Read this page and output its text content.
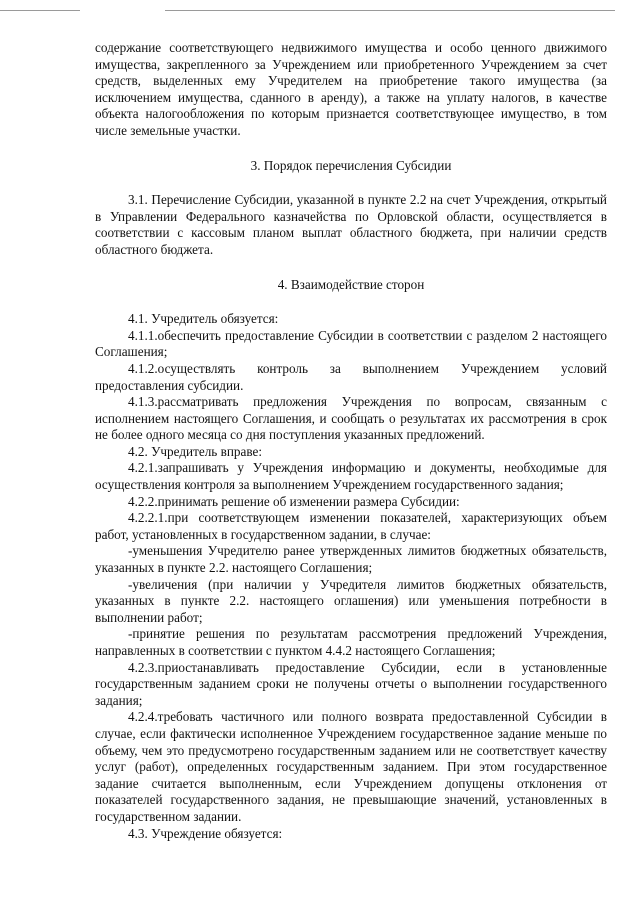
содержание соответствующего недвижимого имущества и особо ценного движимого имущества, закрепленного за Учреждением или приобретенного Учреждением за счет средств, выделенных ему Учредителем на приобретение такого имущества (за исключением имущества, сданного в аренду), а также на уплату налогов, в качестве объекта налогообложения по которым признается соответствующее имущество, в том числе земельные участки.

3. Порядок перечисления Субсидии

3.1. Перечисление Субсидии, указанной в пункте 2.2 на счет Учреждения, открытый в Управлении Федерального казначейства по Орловской области, осуществляется в соответствии с кассовым планом выплат областного бюджета, при наличии средств областного бюджета.

4. Взаимодействие сторон

4.1. Учредитель обязуется:

4.1.1.обеспечить предоставление Субсидии в соответствии с разделом 2 настоящего Соглашения;

4.1.2.осуществлять контроль за выполнением Учреждением условий предоставления субсидии.

4.1.3.рассматривать предложения Учреждения по вопросам, связанным с исполнением настоящего Соглашения, и сообщать о результатах их рассмотрения в срок не более одного месяца со дня поступления указанных предложений.

4.2. Учредитель вправе:

4.2.1.запрашивать у Учреждения информацию и документы, необходимые для осуществления контроля за выполнением Учреждением государственного задания;

4.2.2.принимать решение об изменении размера Субсидии:

4.2.2.1.при соответствующем изменении показателей, характеризующих объем работ, установленных в государственном задании, в случае:

-уменьшения Учредителю ранее утвержденных лимитов бюджетных обязательств, указанных в пункте 2.2. настоящего Соглашения;

-увеличения (при наличии у Учредителя лимитов бюджетных обязательств, указанных в пункте 2.2. настоящего оглашения) или уменьшения потребности в выполнении работ;

-принятие решения по результатам рассмотрения предложений Учреждения, направленных в соответствии с пунктом 4.4.2 настоящего Соглашения;

4.2.3.приостанавливать предоставление Субсидии, если в установленные государственным заданием сроки не получены отчеты о выполнении государственного задания;

4.2.4.требовать частичного или полного возврата предоставленной Субсидии в случае, если фактически исполненное Учреждением государственное задание меньше по объему, чем это предусмотрено государственным заданием или не соответствует качеству услуг (работ), определенных государственным заданием. При этом государственное задание считается выполненным, если Учреждением допущены отклонения от показателей государственного задания, не превышающие значений, установленных в государственном задании.

4.3. Учреждение обязуется:
